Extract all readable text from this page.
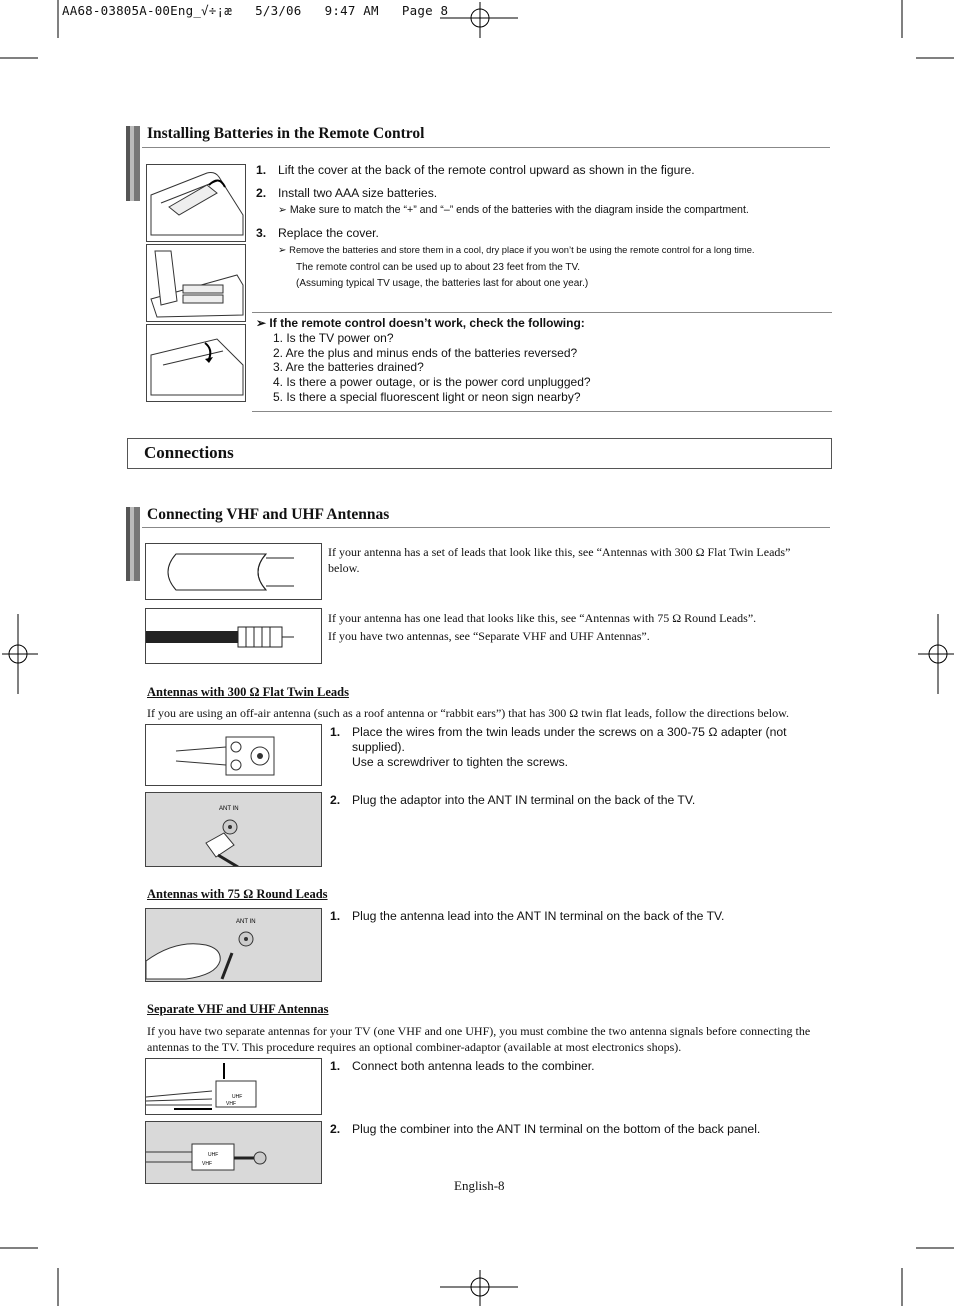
AA68-03805A-00Eng_√÷¡æ   5/3/06   9:47 AM   Page 8
Installing Batteries in the Remote Control
1. Lift the cover at the back of the remote control upward as shown in the figure.
2. Install two AAA size batteries.
➢ Make sure to match the “+” and “–” ends of the batteries with the diagram inside the compartment.
3. Replace the cover.
➢ Remove the batteries and store them in a cool, dry place if you won’t be using the remote control for a long time.
The remote control can be used up to about 23 feet from the TV.
(Assuming typical TV usage, the batteries last for about one year.)
➢ If the remote control doesn’t work, check the following:
1. Is the TV power on?
2. Are the plus and minus ends of the batteries reversed?
3. Are the batteries drained?
4. Is there a power outage, or is the power cord unplugged?
5. Is there a special fluorescent light or neon sign nearby?
Connections
Connecting VHF and UHF Antennas
If your antenna has a set of leads that look like this, see “Antennas with 300 Ω Flat Twin Leads” below.
If your antenna has one lead that looks like this, see “Antennas with 75 Ω Round Leads”.
If you have two antennas, see “Separate VHF and UHF Antennas”.
Antennas with 300 Ω Flat Twin Leads
If you are using an off-air antenna (such as a roof antenna or “rabbit ears”) that has 300 Ω twin flat leads, follow the directions below.
1. Place the wires from the twin leads under the screws on a 300-75 Ω adapter (not supplied).
Use a screwdriver to tighten the screws.
ANT IN
2. Plug the adaptor into the ANT IN terminal on the back of the TV.
Antennas with 75 Ω Round Leads
ANT IN	1. Plug the antenna lead into the ANT IN terminal on the back of the TV.
Separate VHF and UHF Antennas
If you have two separate antennas for your TV (one VHF and one UHF), you must combine the two antenna signals before connecting the antennas to the TV. This procedure requires an optional combiner-adaptor (available at most electronics shops).
UHF
VHF
1. Connect both antenna leads to the combiner.
UHF
VHF
2. Plug the combiner into the ANT IN terminal on the bottom of the back panel.
English-8
